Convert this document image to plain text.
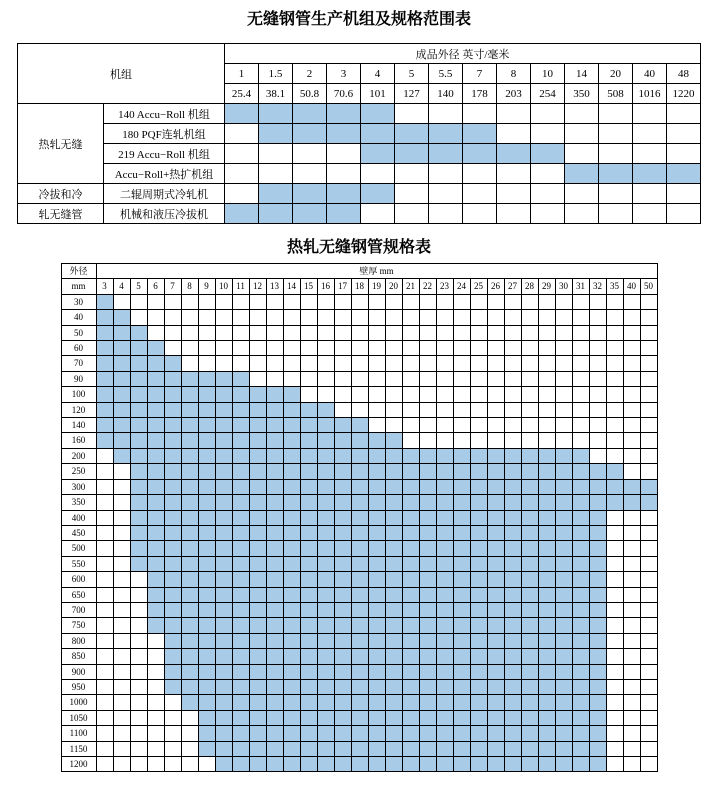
无缝钢管生产机组及规格范围表
机组		成品外径 英寸/毫米													
		1	1.5	2	3	4	5	5.5	7	8	10	14	20	40	48
		25.4	38.1	50.8	70.6	101	127	140	178	203	254	350	508	1016	1220
热轧无缝	140 Accu−Roll 机组														
	180 PQF连轧机组														
	219 Accu−Roll 机组														
	Accu−Roll+热扩机组														
冷拔和冷	二辊周期式冷轧机														
轧无缝管	机械和液压冷拔机														
热轧无缝钢管规格表
外径	壁厚 mm																																
mm	3	4	5	6	7	8	9	10	11	12	13	14	15	16	17	18	19	20	21	22	23	24	25	26	27	28	29	30	31	32	35	40	50
30																																	
40																																	
50																																	
60																																	
70																																	
90																																	
100																																	
120																																	
140																																	
160																																	
200																																	
250																																	
300																																	
350																																	
400																																	
450																																	
500																																	
550																																	
600																																	
650																																	
700																																	
750																																	
800																																	
850																																	
900																																	
950																																	
1000																																	
1050																																	
1100																																	
1150																																	
1200																																	
